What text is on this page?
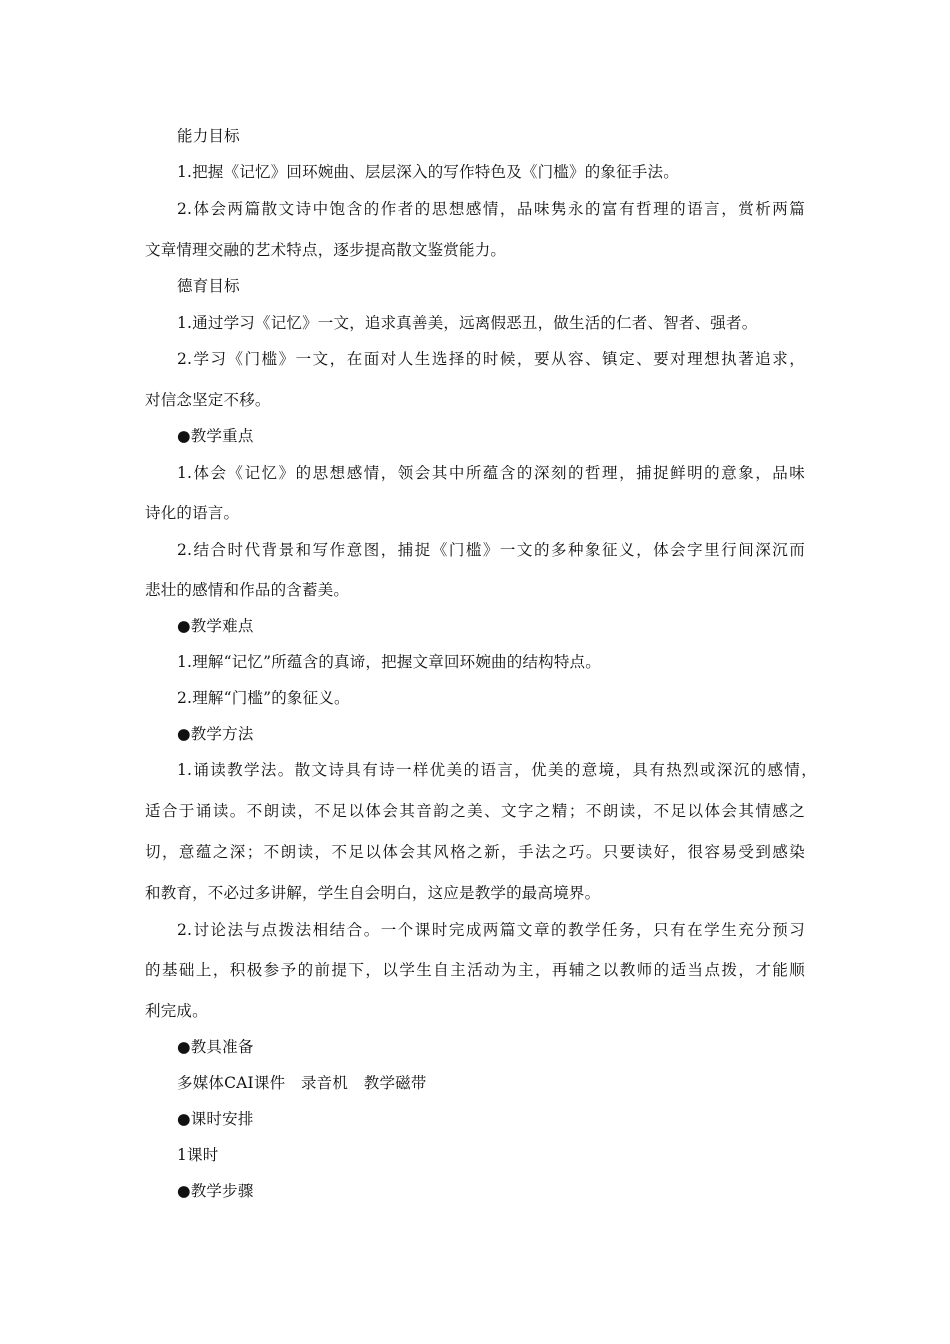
能力目标
1.把握《记忆》回环婉曲、层层深入的写作特色及《门槛》的象征手法。
2.体会两篇散文诗中饱含的作者的思想感情，品味隽永的富有哲理的语言，赏析两篇
文章情理交融的艺术特点，逐步提高散文鉴赏能力。
德育目标
1.通过学习《记忆》一文，追求真善美，远离假恶丑，做生活的仁者、智者、强者。
2.学习《门槛》一文，在面对人生选择的时候，要从容、镇定、要对理想执著追求，
对信念坚定不移。
●教学重点
1.体会《记忆》的思想感情，领会其中所蕴含的深刻的哲理，捕捉鲜明的意象，品味
诗化的语言。
2.结合时代背景和写作意图，捕捉《门槛》一文的多种象征义，体会字里行间深沉而
悲壮的感情和作品的含蓄美。
●教学难点
1.理解“记忆”所蕴含的真谛，把握文章回环婉曲的结构特点。
2.理解“门槛”的象征义。
●教学方法
1.诵读教学法。散文诗具有诗一样优美的语言，优美的意境，具有热烈或深沉的感情，
适合于诵读。不朗读，不足以体会其音韵之美、文字之精；不朗读，不足以体会其情感之
切，意蕴之深；不朗读，不足以体会其风格之新，手法之巧。只要读好，很容易受到感染
和教育，不必过多讲解，学生自会明白，这应是教学的最高境界。
2.讨论法与点拨法相结合。一个课时完成两篇文章的教学任务，只有在学生充分预习
的基础上，积极参予的前提下，以学生自主活动为主，再辅之以教师的适当点拨，才能顺
利完成。
●教具准备
多媒体CAI课件　录音机　教学磁带
●课时安排
1课时
●教学步骤
